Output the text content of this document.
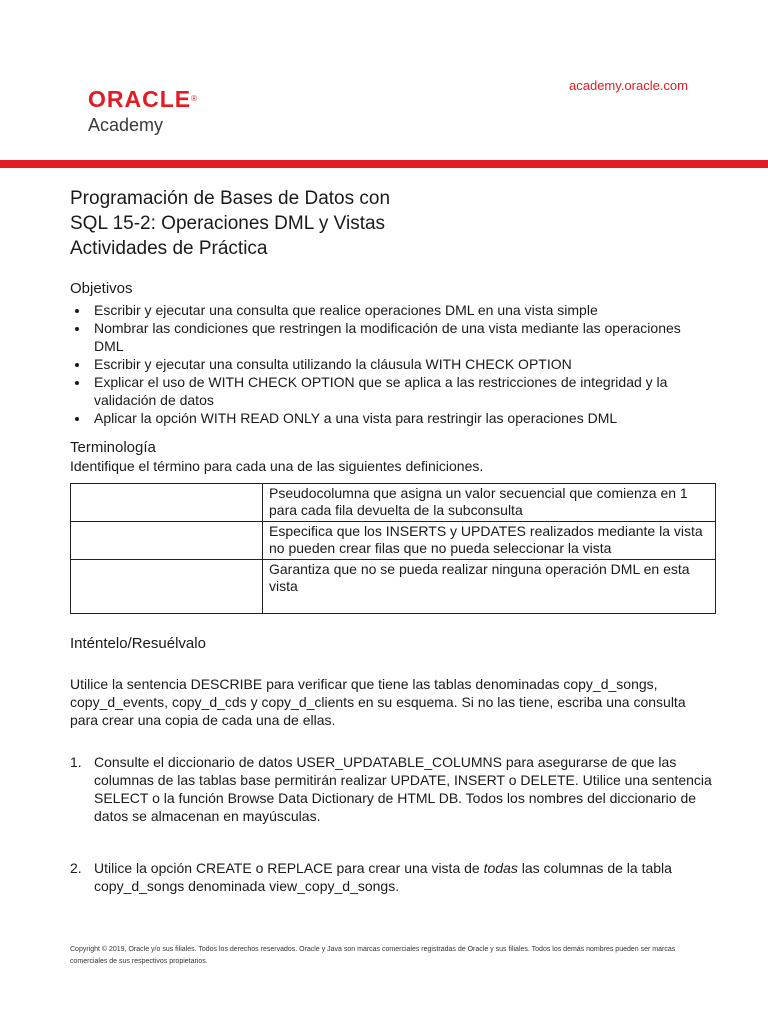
ORACLE®
Academy
academy.oracle.com
Programación de Bases de Datos con
SQL 15-2: Operaciones DML y Vistas
Actividades de Práctica
Objetivos
• Escribir y ejecutar una consulta que realice operaciones DML en una vista simple
• Nombrar las condiciones que restringen la modificación de una vista mediante las operaciones DML
• Escribir y ejecutar una consulta utilizando la cláusula WITH CHECK OPTION
• Explicar el uso de WITH CHECK OPTION que se aplica a las restricciones de integridad y la validación de datos
• Aplicar la opción WITH READ ONLY a una vista para restringir las operaciones DML
Terminología

Identifique el término para cada una de las siguientes definiciones.

	Pseudocolumna que asigna un valor secuencial que comienza en 1 para cada fila devuelta de la subconsulta
	Especifica que los INSERTS y UPDATES realizados mediante la vista no pueden crear filas que no pueda seleccionar la vista
	Garantiza que no se pueda realizar ninguna operación DML en esta vista
Inténtelo/Resuélvalo

Utilice la sentencia DESCRIBE para verificar que tiene las tablas denominadas copy_d_songs, copy_d_events, copy_d_cds y copy_d_clients en su esquema. Si no las tiene, escriba una consulta para crear una copia de cada una de ellas.

1. Consulte el diccionario de datos USER_UPDATABLE_COLUMNS para asegurarse de que las columnas de las tablas base permitirán realizar UPDATE, INSERT o DELETE. Utilice una sentencia SELECT o la función Browse Data Dictionary de HTML DB. Todos los nombres del diccionario de datos se almacenan en mayúsculas.
2. Utilice la opción CREATE o REPLACE para crear una vista de todas las columnas de la tabla copy_d_songs denominada view_copy_d_songs.
Copyright © 2019, Oracle y/o sus filiales. Todos los derechos reservados. Oracle y Java son marcas comerciales registradas de Oracle y sus filiales. Todos los demás nombres pueden ser marcas comerciales de sus respectivos propietarios.
